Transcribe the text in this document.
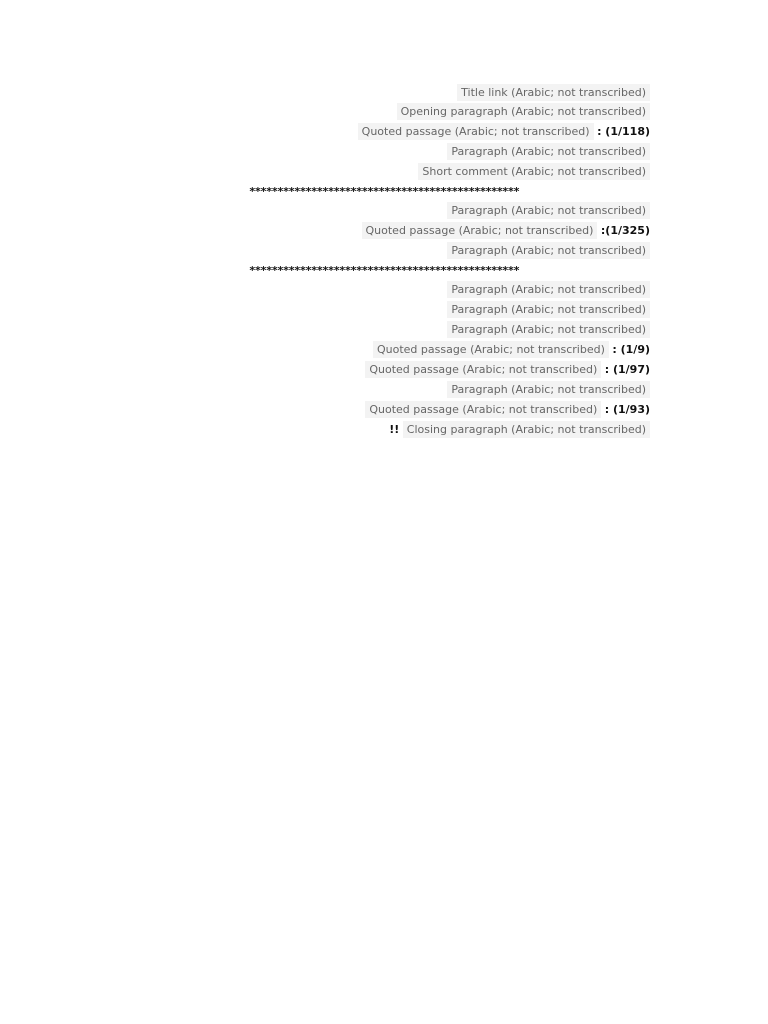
Title link (Arabic; not transcribed)
Opening paragraph (Arabic; not transcribed)
Quoted passage (Arabic; not transcribed) : (1/118)
Paragraph (Arabic; not transcribed)
Short comment (Arabic; not transcribed)
************************************************
Paragraph (Arabic; not transcribed)
Quoted passage (Arabic; not transcribed) :(1/325)
Paragraph (Arabic; not transcribed)
************************************************
Paragraph (Arabic; not transcribed)
Paragraph (Arabic; not transcribed)
Paragraph (Arabic; not transcribed)
Quoted passage (Arabic; not transcribed) : (1/9)
Quoted passage (Arabic; not transcribed) : (1/97)
Paragraph (Arabic; not transcribed)
Quoted passage (Arabic; not transcribed) : (1/93)
Closing paragraph (Arabic; not transcribed) !!
